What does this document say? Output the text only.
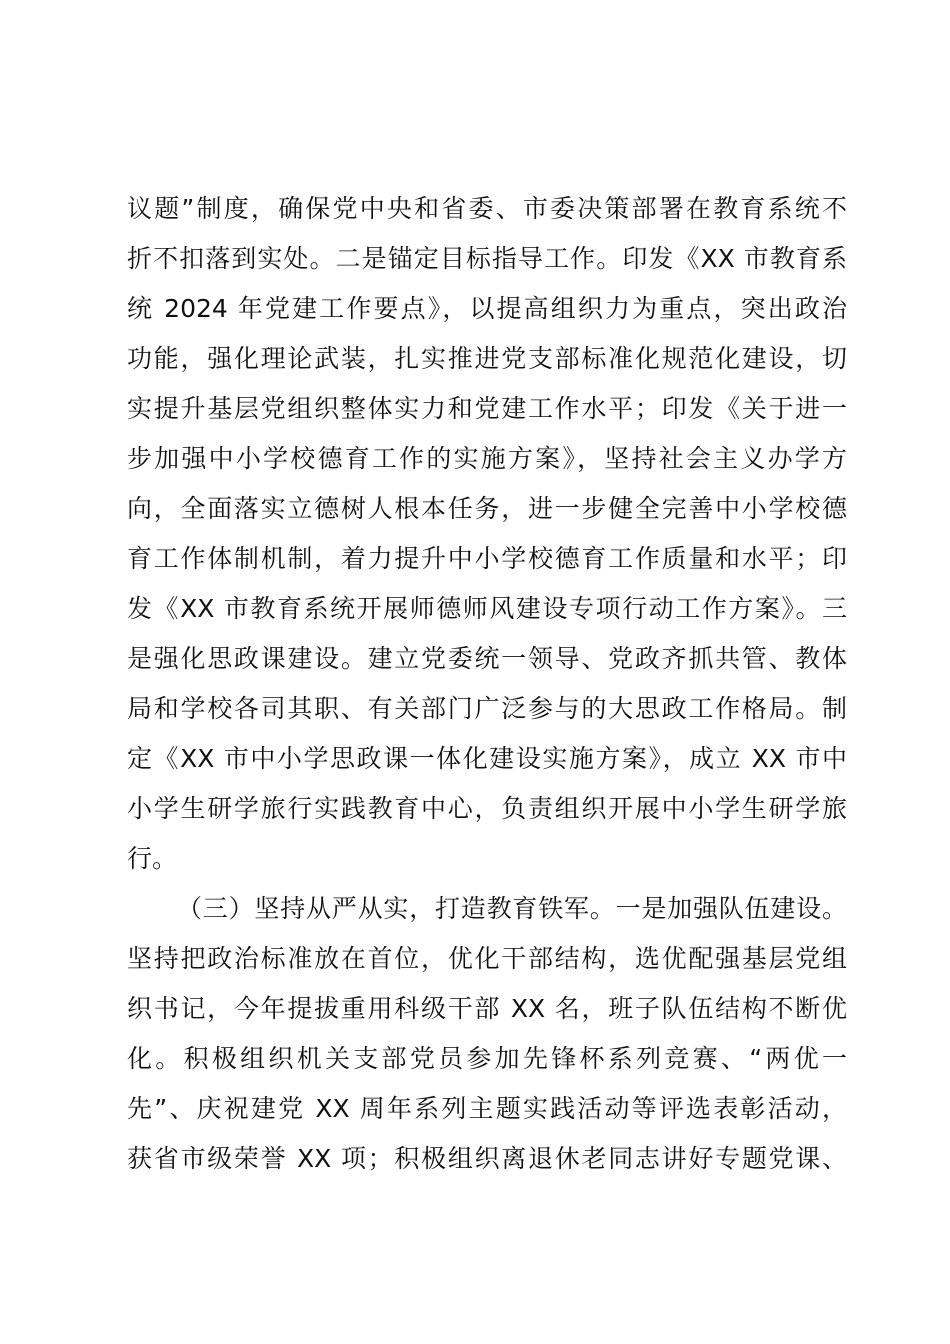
议题”制度，确保党中央和省委、市委决策部署在教育系统不
折不扣落到实处。二是锚定目标指导工作。印发《XX 市教育系
统 2024 年党建工作要点》，以提高组织力为重点，突出政治
功能，强化理论武装，扎实推进党支部标准化规范化建设，切
实提升基层党组织整体实力和党建工作水平；印发《关于进一
步加强中小学校德育工作的实施方案》，坚持社会主义办学方
向，全面落实立德树人根本任务，进一步健全完善中小学校德
育工作体制机制，着力提升中小学校德育工作质量和水平；印
发《XX 市教育系统开展师德师风建设专项行动工作方案》。三
是强化思政课建设。建立党委统一领导、党政齐抓共管、教体
局和学校各司其职、有关部门广泛参与的大思政工作格局。制
定《XX 市中小学思政课一体化建设实施方案》，成立 XX 市中
小学生研学旅行实践教育中心，负责组织开展中小学生研学旅
行。
（三）坚持从严从实，打造教育铁军。一是加强队伍建设。
坚持把政治标准放在首位，优化干部结构，选优配强基层党组
织书记，今年提拔重用科级干部 XX 名，班子队伍结构不断优
化。积极组织机关支部党员参加先锋杯系列竞赛、“两优一
先”、庆祝建党 XX 周年系列主题实践活动等评选表彰活动，
获省市级荣誉 XX 项；积极组织离退休老同志讲好专题党课、
